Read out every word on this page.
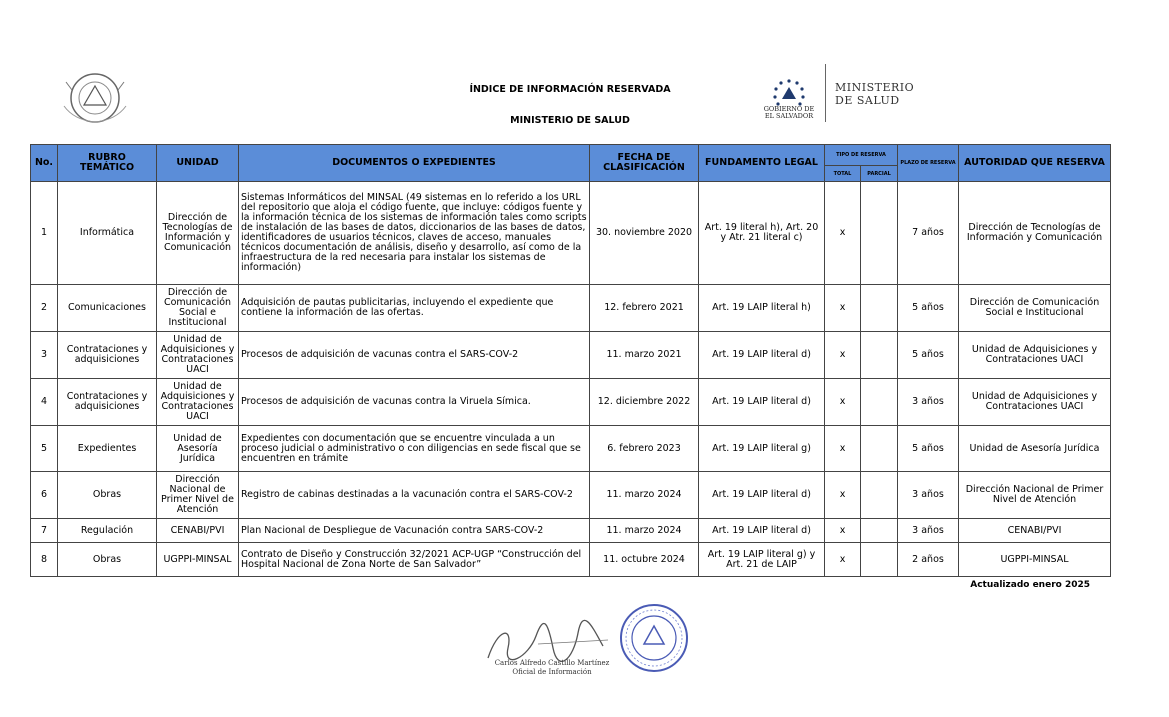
ÍNDICE DE INFORMACIÓN RESERVADA
MINISTERIO DE SALUD
GOBIERNO DE
EL SALVADOR
MINISTERIO
DE SALUD
No.	RUBRO TEMÁTICO	UNIDAD	DOCUMENTOS O EXPEDIENTES	FECHA DE CLASIFICACIÓN	FUNDAMENTO LEGAL	TIPO DE RESERVA		PLAZO DE RESERVA	AUTORIDAD QUE RESERVA
						TOTAL	PARCIAL		
1	Informática	Dirección de Tecnologías de Información y Comunicación	Sistemas Informáticos del MINSAL (49 sistemas en lo referido a los URL del repositorio que aloja el código fuente, que incluye: códigos fuente y la información técnica de los sistemas de información tales como scripts de instalación de las bases de datos, diccionarios de las bases de datos, identificadores de usuarios técnicos, claves de acceso, manuales técnicos documentación de análisis, diseño y desarrollo, así como de la infraestructura de la red necesaria para instalar los sistemas de información)	30. noviembre 2020	Art. 19 literal h), Art. 20 y Atr. 21 literal c)	x		7 años	Dirección de Tecnologías de Información y Comunicación
2	Comunicaciones	Dirección de Comunicación Social e Institucional	Adquisición de pautas publicitarias, incluyendo el expediente que contiene la información de las ofertas.	12. febrero 2021	Art. 19 LAIP literal h)	x		5 años	Dirección de Comunicación Social e Institucional
3	Contrataciones y adquisiciones	Unidad de Adquisiciones y Contrataciones UACI	Procesos de adquisición de vacunas contra el SARS-COV-2	11. marzo 2021	Art. 19 LAIP literal d)	x		5 años	Unidad de Adquisiciones y Contrataciones UACI
4	Contrataciones y adquisiciones	Unidad de Adquisiciones y Contrataciones UACI	Procesos de adquisición de vacunas contra la Viruela Símica.	12. diciembre 2022	Art. 19 LAIP literal d)	x		3 años	Unidad de Adquisiciones y Contrataciones UACI
5	Expedientes	Unidad de Asesoría Jurídica	Expedientes con documentación que se encuentre vinculada a un proceso judicial o administrativo o con diligencias en sede fiscal que se encuentren en trámite	6. febrero 2023	Art. 19 LAIP literal g)	x		5 años	Unidad de Asesoría Jurídica
6	Obras	Dirección Nacional de Primer Nivel de Atención	Registro de cabinas destinadas a la vacunación contra el SARS-COV-2	11. marzo 2024	Art. 19 LAIP literal d)	x		3 años	Dirección Nacional de Primer Nivel de Atención
7	Regulación	CENABI/PVI	Plan Nacional de Despliegue de Vacunación contra SARS-COV-2	11. marzo 2024	Art. 19 LAIP literal d)	x		3 años	CENABI/PVI
8	Obras	UGPPI-MINSAL	Contrato de Diseño y Construcción 32/2021 ACP-UGP “Construcción del Hospital Nacional de Zona Norte de San Salvador”	11. octubre 2024	Art. 19 LAIP literal g) y Art. 21 de LAIP	x		2 años	UGPPI-MINSAL
Actualizado enero 2025
Carlos Alfredo Castillo Martínez
Oficial de Información
